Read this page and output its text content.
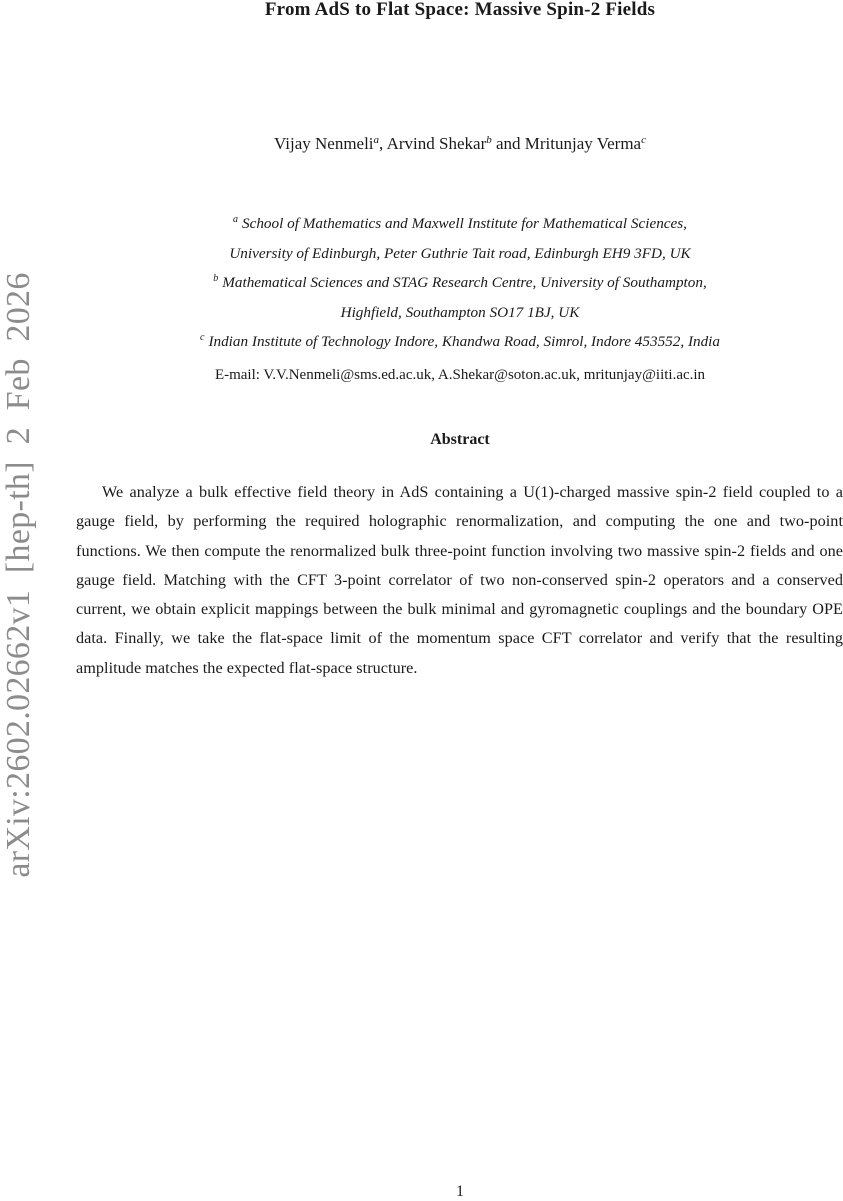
From AdS to Flat Space: Massive Spin-2 Fields
Vijay Nenmeli$^a$, Arvind Shekar$^b$ and Mritunjay Verma$^c$
$^a$ School of Mathematics and Maxwell Institute for Mathematical Sciences,
University of Edinburgh, Peter Guthrie Tait road, Edinburgh EH9 3FD, UK
$^b$ Mathematical Sciences and STAG Research Centre, University of Southampton,
Highfield, Southampton SO17 1BJ, UK
$^c$ Indian Institute of Technology Indore, Khandwa Road, Simrol, Indore 453552, India
E-mail: V.V.Nenmeli@sms.ed.ac.uk, A.Shekar@soton.ac.uk, mritunjay@iiti.ac.in
Abstract
We analyze a bulk effective field theory in AdS containing a U(1)-charged massive spin-2 field coupled to a gauge field, by performing the required holographic renormalization, and computing the one and two-point functions. We then compute the renormalized bulk three-point function involving two massive spin-2 fields and one gauge field. Matching with the CFT 3-point correlator of two non-conserved spin-2 operators and a conserved current, we obtain explicit mappings between the bulk minimal and gyromagnetic couplings and the boundary OPE data. Finally, we take the flat-space limit of the momentum space CFT correlator and verify that the resulting amplitude matches the expected flat-space structure.
arXiv:2602.02662v1 [hep-th] 2 Feb 2026
1
